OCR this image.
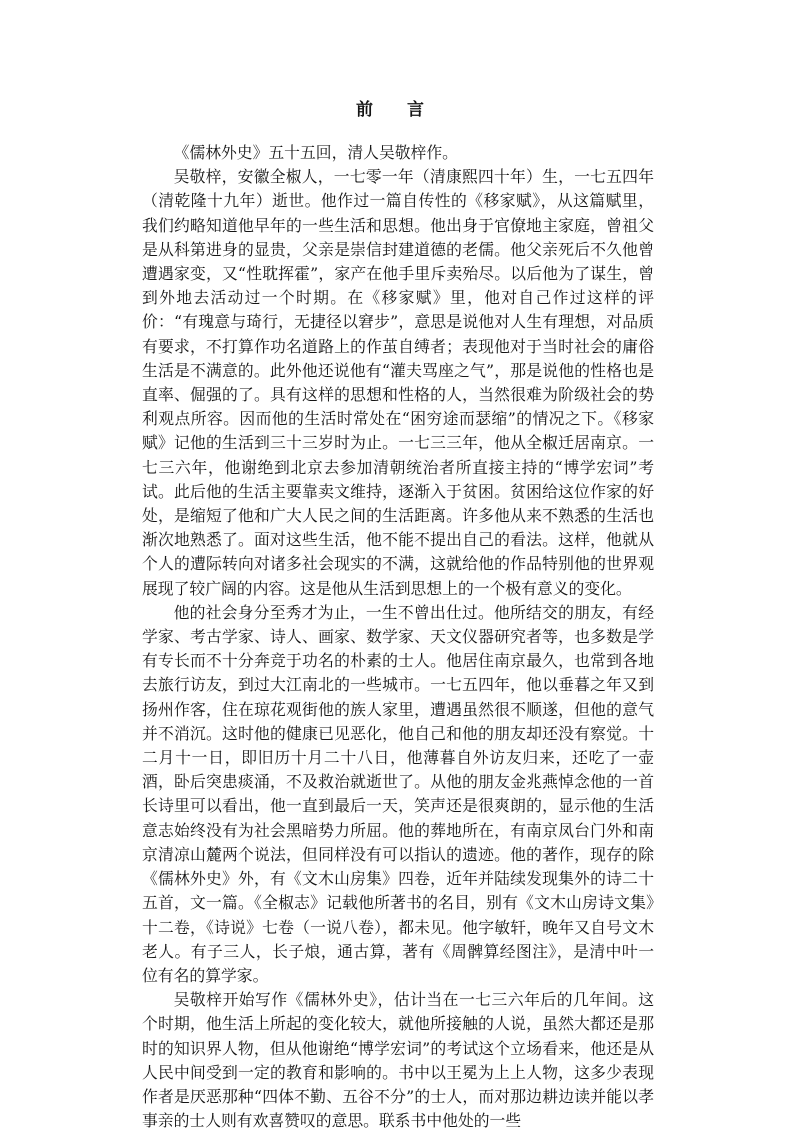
前 言

《儒林外史》五十五回，清人吴敬梓作。

吴敬梓，安徽全椒人，一七零一年（清康熙四十年）生，一七五四年（清乾隆十九年）逝世。他作过一篇自传性的《移家赋》，从这篇赋里，我们约略知道他早年的一些生活和思想。他出身于官僚地主家庭，曾祖父是从科第进身的显贵，父亲是崇信封建道德的老儒。他父亲死后不久他曾遭遇家变，又“性耽挥霍”，家产在他手里斥卖殆尽。以后他为了谋生，曾到外地去活动过一个时期。在《移家赋》里，他对自己作过这样的评价：“有瑰意与琦行，无捷径以窘步”，意思是说他对人生有理想，对品质有要求，不打算作功名道路上的作茧自缚者；表现他对于当时社会的庸俗生活是不满意的。此外他还说他有“灌夫骂座之气”，那是说他的性格也是直率、倔强的了。具有这样的思想和性格的人，当然很难为阶级社会的势利观点所容。因而他的生活时常处在“困穷途而瑟缩”的情况之下。《移家赋》记他的生活到三十三岁时为止。一七三三年，他从全椒迁居南京。一七三六年，他谢绝到北京去参加清朝统治者所直接主持的“博学宏词”考试。此后他的生活主要靠卖文维持，逐渐入于贫困。贫困给这位作家的好处，是缩短了他和广大人民之间的生活距离。许多他从来不熟悉的生活也渐次地熟悉了。面对这些生活，他不能不提出自己的看法。这样，他就从个人的遭际转向对诸多社会现实的不满，这就给他的作品特别他的世界观展现了较广阔的内容。这是他从生活到思想上的一个极有意义的变化。

他的社会身分至秀才为止，一生不曾出仕过。他所结交的朋友，有经学家、考古学家、诗人、画家、数学家、天文仪器研究者等，也多数是学有专长而不十分奔竞于功名的朴素的士人。他居住南京最久，也常到各地去旅行访友，到过大江南北的一些城市。一七五四年，他以垂暮之年又到扬州作客，住在琼花观街他的族人家里，遭遇虽然很不顺遂，但他的意气并不消沉。这时他的健康已见恶化，他自己和他的朋友却还没有察觉。十二月十一日，即旧历十月二十八日，他薄暮自外访友归来，还吃了一壶酒，卧后突患痰涌，不及救治就逝世了。从他的朋友金兆燕悼念他的一首长诗里可以看出，他一直到最后一天，笑声还是很爽朗的，显示他的生活意志始终没有为社会黑暗势力所屈。他的葬地所在，有南京凤台门外和南京清凉山麓两个说法，但同样没有可以指认的遗迹。他的著作，现存的除《儒林外史》外，有《文木山房集》四卷，近年并陆续发现集外的诗二十五首，文一篇。《全椒志》记载他所著书的名目，别有《文木山房诗文集》十二卷，《诗说》七卷（一说八卷），都未见。他字敏轩，晚年又自号文木老人。有子三人，长子烺，通古算，著有《周髀算经图注》，是清中叶一位有名的算学家。

吴敬梓开始写作《儒林外史》，估计当在一七三六年后的几年间。这个时期，他生活上所起的变化较大，就他所接触的人说，虽然大都还是那时的知识界人物，但从他谢绝“博学宏词”的考试这个立场看来，他还是从人民中间受到一定的教育和影响的。书中以王冕为上上人物，这多少表现作者是厌恶那种“四体不勤、五谷不分”的士人，而对那边耕边读并能以孝事亲的士人则有欢喜赞叹的意思。联系书中他处的一些
